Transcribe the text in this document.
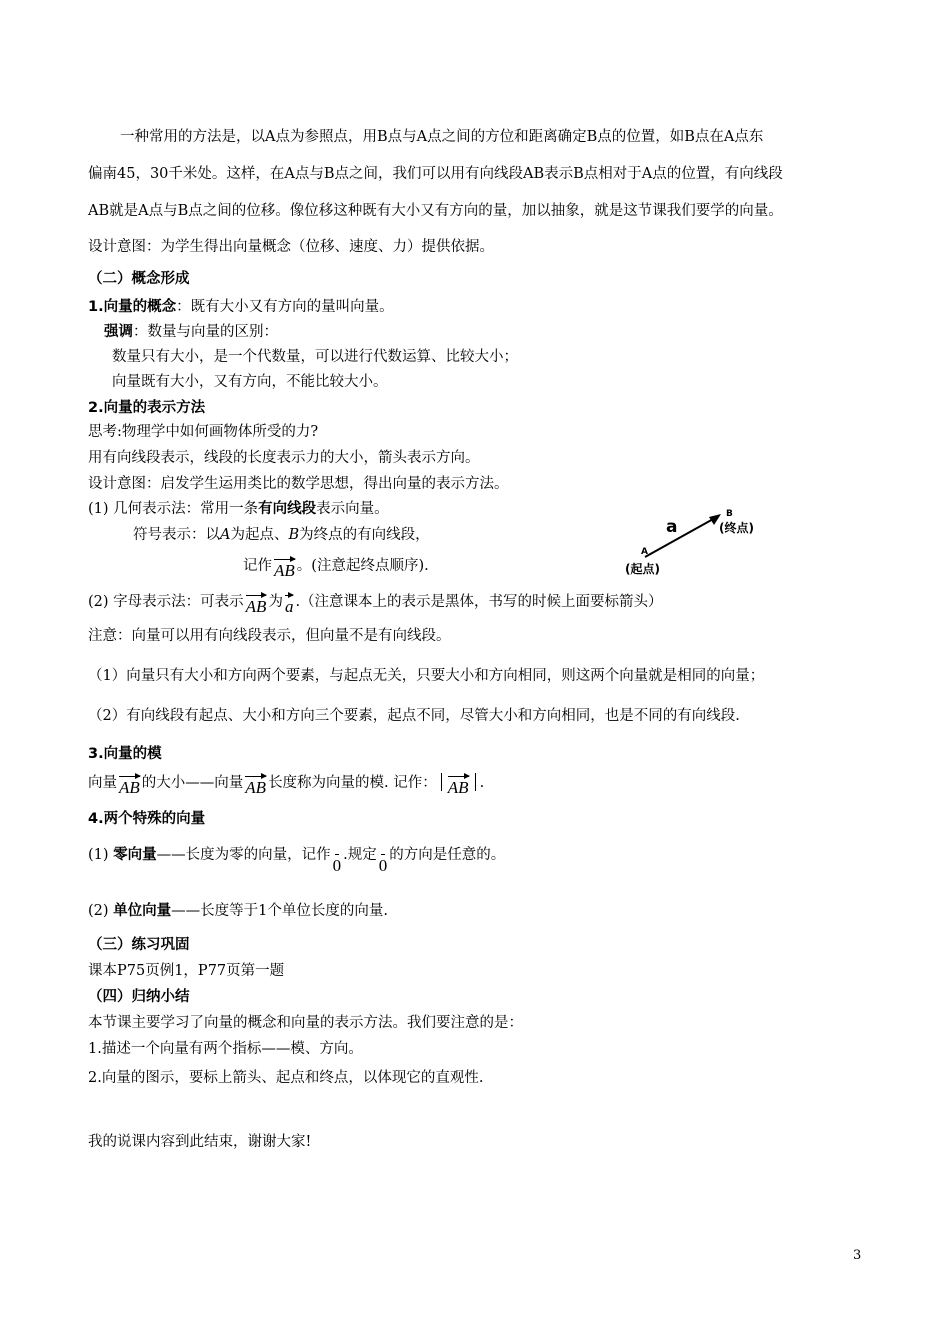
一种常用的方法是，以A点为参照点，用B点与A点之间的方位和距离确定B点的位置，如B点在A点东
偏南45，30千米处。这样，在A点与B点之间，我们可以用有向线段AB表示B点相对于A点的位置，有向线段
AB就是A点与B点之间的位移。像位移这种既有大小又有方向的量，加以抽象，就是这节课我们要学的向量。
设计意图：为学生得出向量概念（位移、速度、力）提供依据。
（二）概念形成
1.向量的概念：既有大小又有方向的量叫向量。
强调：数量与向量的区别：
数量只有大小，是一个代数量，可以进行代数运算、比较大小；
向量既有大小，又有方向，不能比较大小。
2.向量的表示方法
思考:物理学中如何画物体所受的力?
用有向线段表示，线段的长度表示力的大小，箭头表示方向。
设计意图：启发学生运用类比的数学思想，得出向量的表示方法。
(1) 几何表示法：常用一条有向线段表示向量。
符号表示：以A为起点、B为终点的有向线段，
记作 AB 。(注意起终点顺序).
a
B
(终点)
A
(起点)
(2) 字母表示法：可表示 AB 为 a .（注意课本上的表示是黑体，书写的时候上面要标箭头）
注意：向量可以用有向线段表示，但向量不是有向线段。
（1）向量只有大小和方向两个要素，与起点无关，只要大小和方向相同，则这两个向量就是相同的向量；
（2）有向线段有起点、大小和方向三个要素，起点不同，尽管大小和方向相同，也是不同的有向线段.
3.向量的模
向量 AB 的大小——向量 AB 长度称为向量的模. 记作： AB .
4.两个特殊的向量
(1) 零向量——长度为零的向量，记作0.规定0的方向是任意的。
(2) 单位向量——长度等于1个单位长度的向量.
（三）练习巩固
课本P75页例1，P77页第一题
（四）归纳小结
本节课主要学习了向量的概念和向量的表示方法。我们要注意的是：
1.描述一个向量有两个指标——模、方向。
2.向量的图示，要标上箭头、起点和终点，以体现它的直观性.
我的说课内容到此结束，谢谢大家!
3
